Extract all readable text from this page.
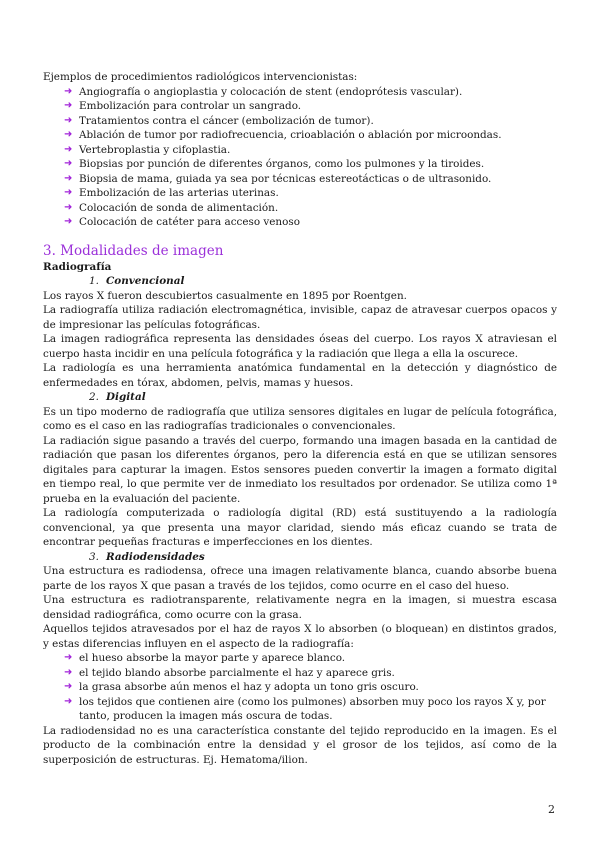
Ejemplos de procedimientos radiológicos intervencionistas:

➜ Angiografía o angioplastia y colocación de stent (endoprótesis vascular).
➜ Embolización para controlar un sangrado.
➜ Tratamientos contra el cáncer (embolización de tumor).
➜ Ablación de tumor por radiofrecuencia, crioablación o ablación por microondas.
➜ Vertebroplastia y cifoplastia.
➜ Biopsias por punción de diferentes órganos, como los pulmones y la tiroides.
➜ Biopsia de mama, guiada ya sea por técnicas estereotácticas o de ultrasonido.
➜ Embolización de las arterias uterinas.
➜ Colocación de sonda de alimentación.
➜ Colocación de catéter para acceso venoso
3. Modalidades de imagen

Radiografía

1. Convencional

Los rayos X fueron descubiertos casualmente en 1895 por Roentgen.

La radiografía utiliza radiación electromagnética, invisible, capaz de atravesar cuerpos opacos y de impresionar las películas fotográficas.

La imagen radiográfica representa las densidades óseas del cuerpo. Los rayos X atraviesan el cuerpo hasta incidir en una película fotográfica y la radiación que llega a ella la oscurece.

La radiología es una herramienta anatómica fundamental en la detección y diagnóstico de enfermedades en tórax, abdomen, pelvis, mamas y huesos.

2. Digital

Es un tipo moderno de radiografía que utiliza sensores digitales en lugar de película fotográfica, como es el caso en las radiografías tradicionales o convencionales.

La radiación sigue pasando a través del cuerpo, formando una imagen basada en la cantidad de radiación que pasan los diferentes órganos, pero la diferencia está en que se utilizan sensores digitales para capturar la imagen. Estos sensores pueden convertir la imagen a formato digital en tiempo real, lo que permite ver de inmediato los resultados por ordenador. Se utiliza como 1ª prueba en la evaluación del paciente.

La radiología computerizada o radiología digital (RD) está sustituyendo a la radiología convencional, ya que presenta una mayor claridad, siendo más eficaz cuando se trata de encontrar pequeñas fracturas e imperfecciones en los dientes.

3. Radiodensidades

Una estructura es radiodensa, ofrece una imagen relativamente blanca, cuando absorbe buena parte de los rayos X que pasan a través de los tejidos, como ocurre en el caso del hueso.

Una estructura es radiotransparente, relativamente negra en la imagen, si muestra escasa densidad radiográfica, como ocurre con la grasa.

Aquellos tejidos atravesados por el haz de rayos X lo absorben (o bloquean) en distintos grados, y estas diferencias influyen en el aspecto de la radiografía:

➜ el hueso absorbe la mayor parte y aparece blanco.
➜ el tejido blando absorbe parcialmente el haz y aparece gris.
➜ la grasa absorbe aún menos el haz y adopta un tono gris oscuro.
➜ los tejidos que contienen aire (como los pulmones) absorben muy poco los rayos X y, por tanto, producen la imagen más oscura de todas.

La radiodensidad no es una característica constante del tejido reproducido en la imagen. Es el producto de la combinación entre la densidad y el grosor de los tejidos, así como de la superposición de estructuras. Ej. Hematoma/ilion.

2
